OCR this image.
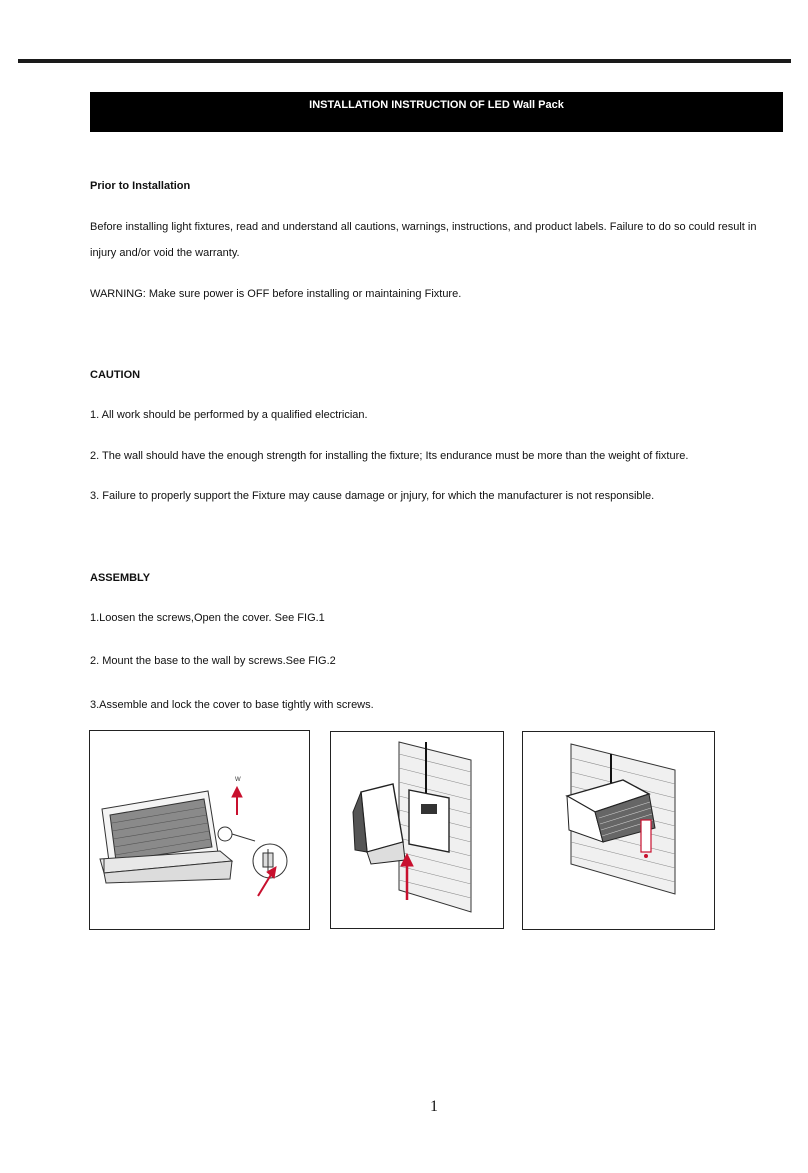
INSTALLATION INSTRUCTION OF LED Wall Pack
Prior to Installation
Before installing light fixtures, read and understand all cautions, warnings, instructions, and product labels. Failure to do so could result in injury and/or void the warranty.
WARNING: Make sure power is OFF before installing or maintaining Fixture.
CAUTION
1. All work should be performed by a qualified electrician.
2. The wall should have the enough strength for installing the fixture; Its endurance must be more than the weight of fixture.
3. Failure to properly support the Fixture may cause damage or jnjury, for which the manufacturer is not responsible.
ASSEMBLY
1.Loosen the screws,Open the cover. See FIG.1
2. Mount the base to the wall by screws.See FIG.2
3.Assemble and lock the cover to base tightly with screws.
W
1
